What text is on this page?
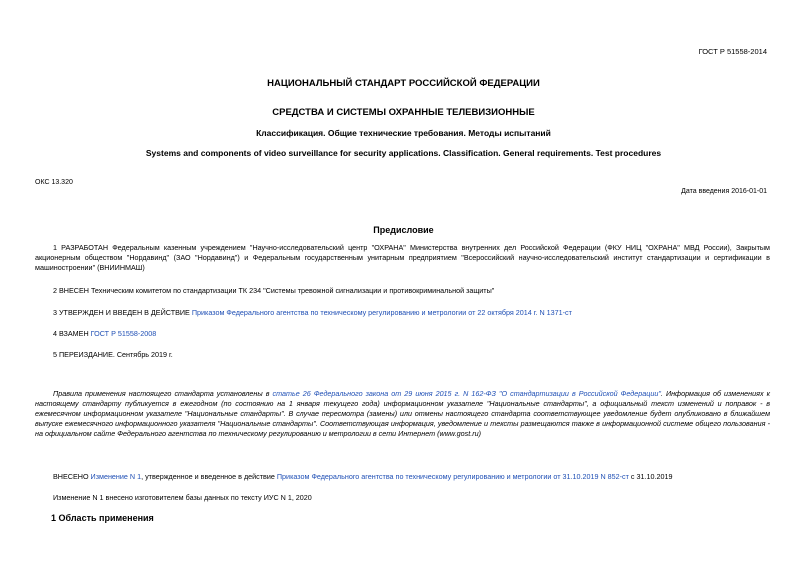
ГОСТ Р 51558-2014
НАЦИОНАЛЬНЫЙ СТАНДАРТ РОССИЙСКОЙ ФЕДЕРАЦИИ
СРЕДСТВА И СИСТЕМЫ ОХРАННЫЕ ТЕЛЕВИЗИОННЫЕ
Классификация. Общие технические требования. Методы испытаний
Systems and components of video surveillance for security applications. Classification. General requirements. Test procedures
ОКС 13.320
Дата введения 2016-01-01
Предисловие
1 РАЗРАБОТАН Федеральным казенным учреждением "Научно-исследовательский центр "ОХРАНА" Министерства внутренних дел Российской Федерации (ФКУ НИЦ "ОХРАНА" МВД России), Закрытым акционерным обществом "Нордавинд" (ЗАО "Нордавинд") и Федеральным государственным унитарным предприятием "Всероссийский научно-исследовательский институт стандартизации и сертификации в машиностроении" (ВНИИНМАШ)
2 ВНЕСЕН Техническим комитетом по стандартизации ТК 234 "Системы тревожной сигнализации и противокриминальной защиты"
3 УТВЕРЖДЕН И ВВЕДЕН В ДЕЙСТВИЕ Приказом Федерального агентства по техническому регулированию и метрологии от 22 октября 2014 г. N 1371-ст
4 ВЗАМЕН ГОСТ Р 51558-2008
5 ПЕРЕИЗДАНИЕ. Сентябрь 2019 г.
Правила применения настоящего стандарта установлены в статье 26 Федерального закона от 29 июня 2015 г. N 162-ФЗ "О стандартизации в Российской Федерации". Информация об изменениях к настоящему стандарту публикуется в ежегодном (по состоянию на 1 января текущего года) информационном указателе "Национальные стандарты", а официальный текст изменений и поправок - в ежемесячном информационном указателе "Национальные стандарты". В случае пересмотра (замены) или отмены настоящего стандарта соответствующее уведомление будет опубликовано в ближайшем выпуске ежемесячного информационного указателя "Национальные стандарты". Соответствующая информация, уведомление и тексты размещаются также в информационной системе общего пользования - на официальном сайте Федерального агентства по техническому регулированию и метрологии в сети Интернет (www.gost.ru)
ВНЕСЕНО Изменение N 1, утвержденное и введенное в действие Приказом Федерального агентства по техническому регулированию и метрологии от 31.10.2019 N 852-ст с 31.10.2019
Изменение N 1 внесено изготовителем базы данных по тексту ИУС N 1, 2020
1 Область применения
